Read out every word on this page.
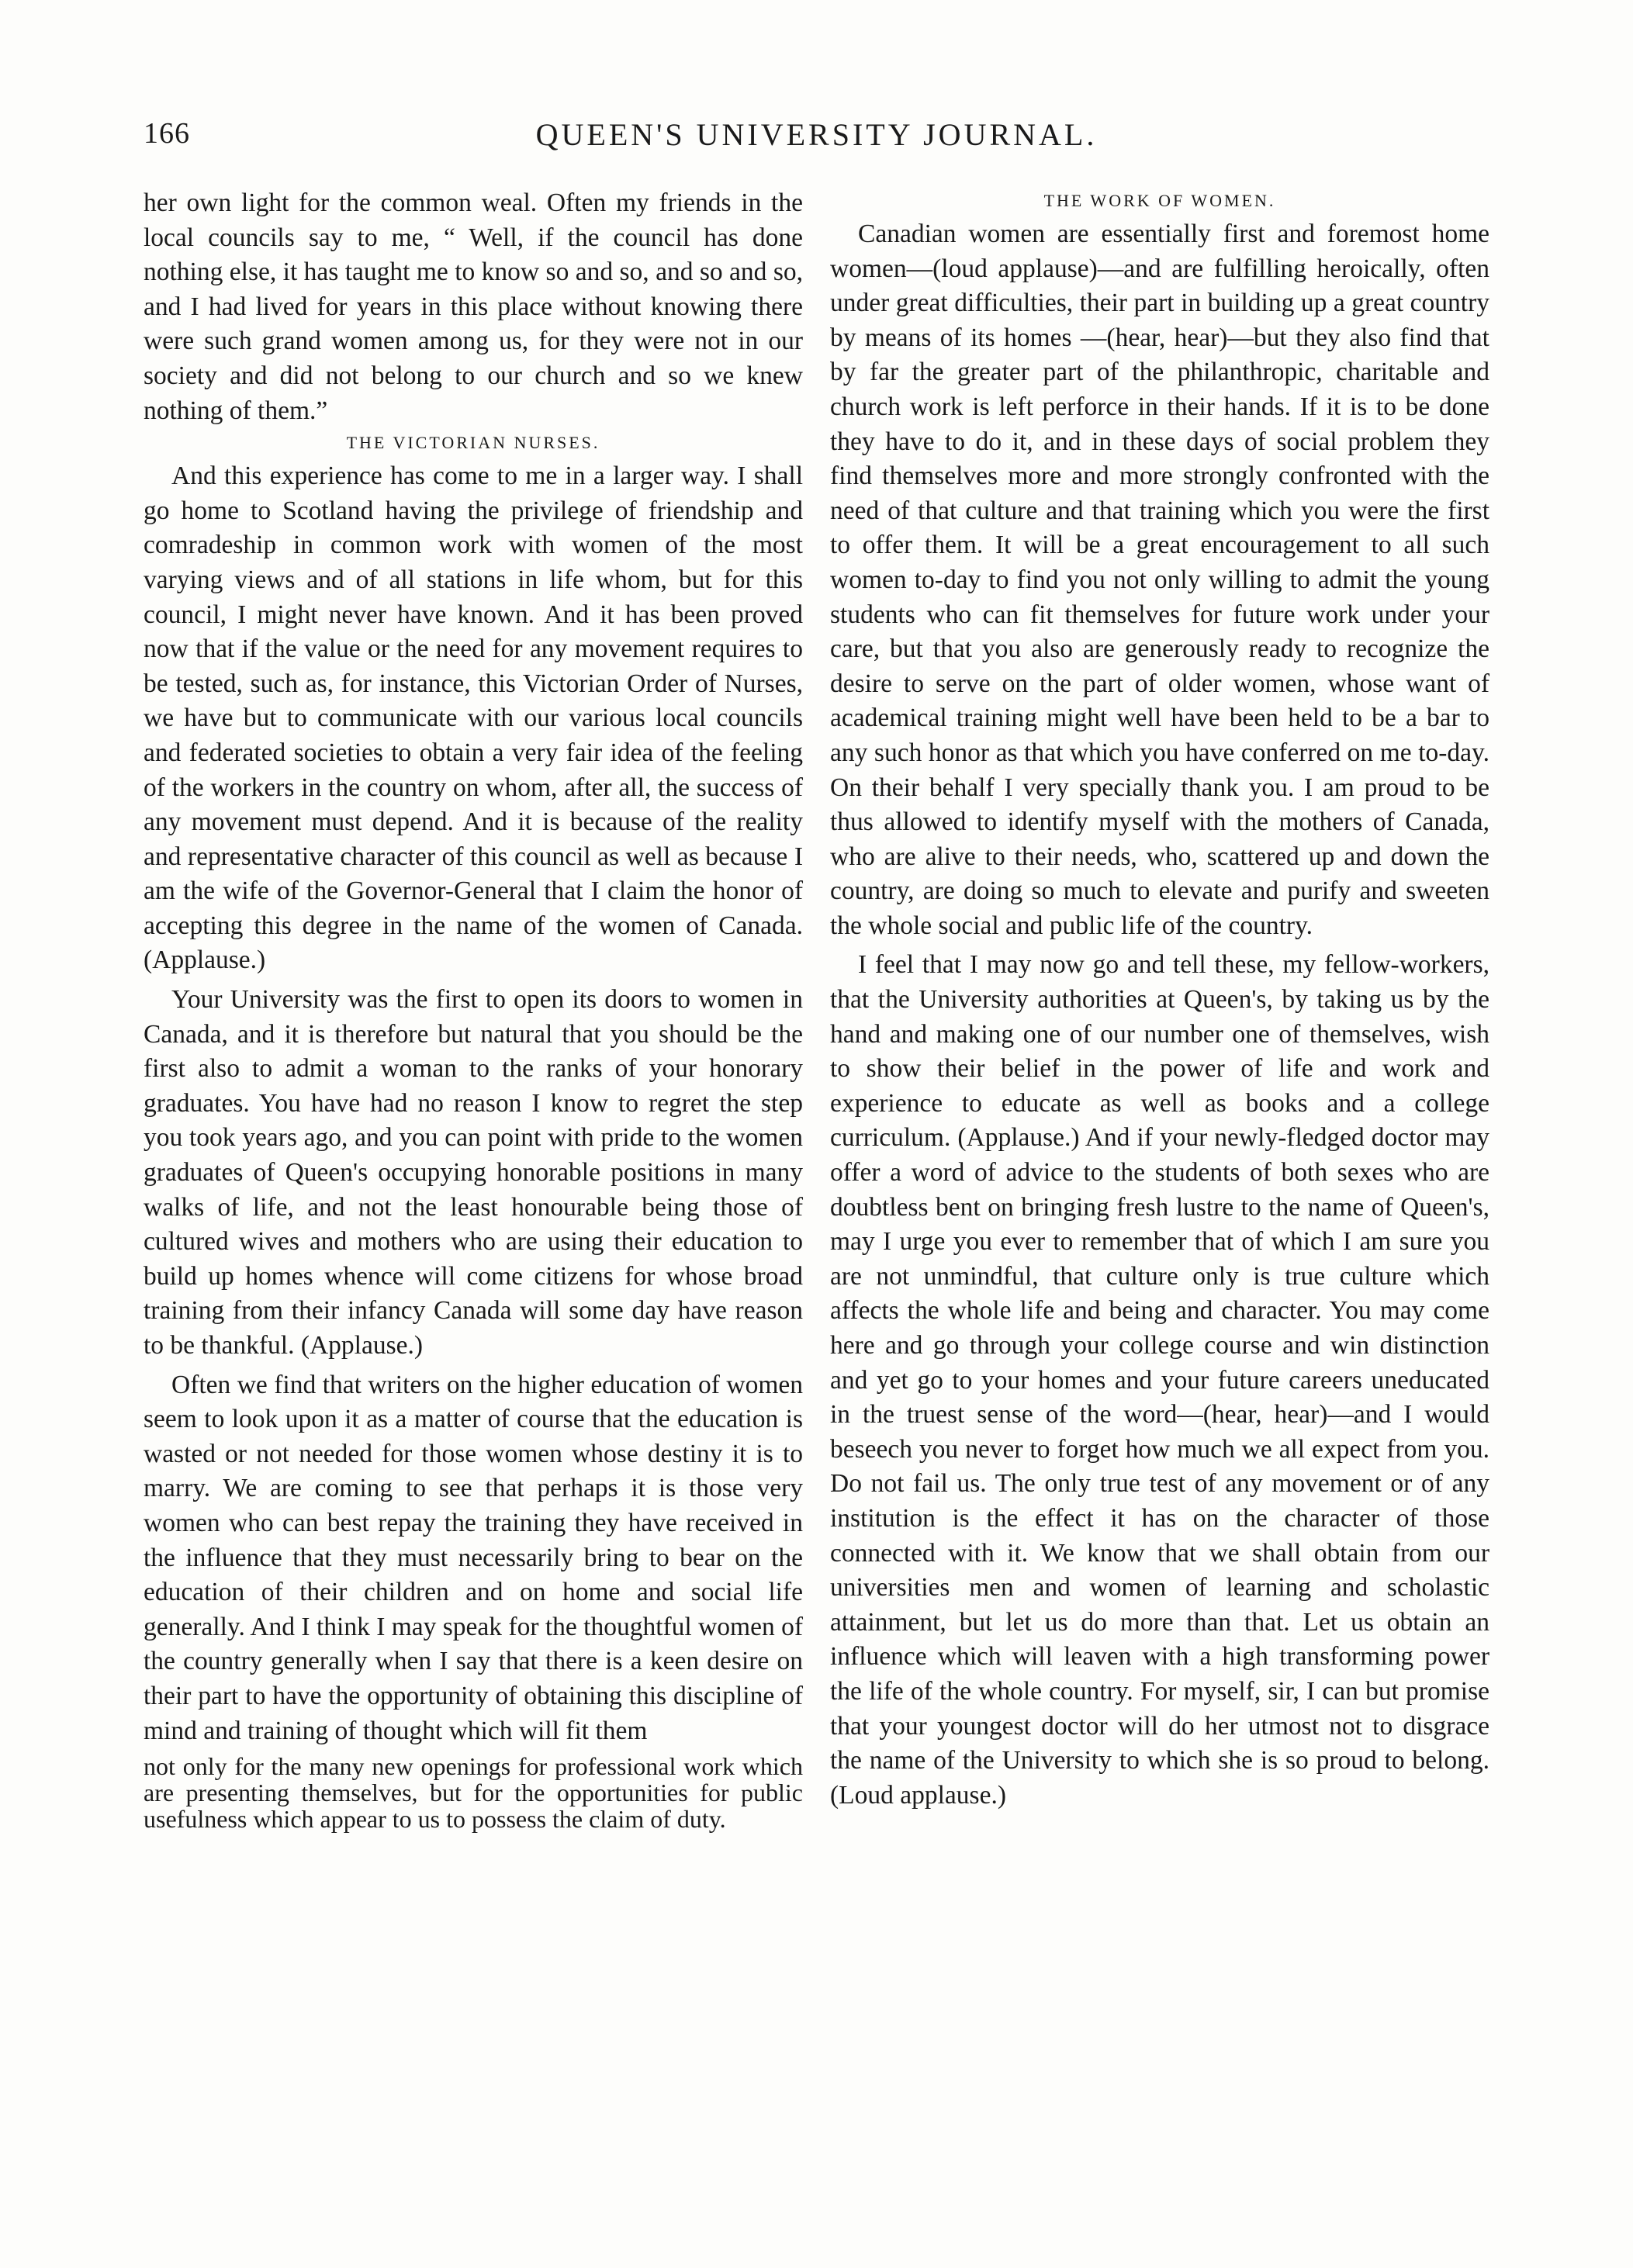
166	QUEEN'S UNIVERSITY JOURNAL.

her own light for the common weal. Often my friends in the local councils say to me, “ Well, if the council has done nothing else, it has taught me to know so and so, and so and so, and I had lived for years in this place without knowing there were such grand women among us, for they were not in our society and did not belong to our church and so we knew nothing of them.”

THE VICTORIAN NURSES.

And this experience has come to me in a larger way. I shall go home to Scotland having the privilege of friendship and comradeship in common work with women of the most varying views and of all stations in life whom, but for this council, I might never have known. And it has been proved now that if the value or the need for any movement requires to be tested, such as, for instance, this Victorian Order of Nurses, we have but to communicate with our various local councils and federated societies to obtain a very fair idea of the feeling of the workers in the country on whom, after all, the success of any movement must depend. And it is because of the reality and representative character of this council as well as because I am the wife of the Governor-General that I claim the honor of accepting this degree in the name of the women of Canada. (Applause.)

Your University was the first to open its doors to women in Canada, and it is therefore but natural that you should be the first also to admit a woman to the ranks of your honorary graduates. You have had no reason I know to regret the step you took years ago, and you can point with pride to the women graduates of Queen's occupying honorable positions in many walks of life, and not the least honourable being those of cultured wives and mothers who are using their education to build up homes whence will come citizens for whose broad training from their infancy Canada will some day have reason to be thankful. (Applause.)

Often we find that writers on the higher education of women seem to look upon it as a matter of course that the education is wasted or not needed for those women whose destiny it is to marry. We are coming to see that perhaps it is those very women who can best repay the training they have received in the influence that they must necessarily bring to bear on the education of their children and on home and social life generally. And I think I may speak for the thoughtful women of the country generally when I say that there is a keen desire on their part to have the opportunity of obtaining this discipline of mind and training of thought which will fit them

not only for the many new openings for professional work which are presenting themselves, but for the opportunities for public usefulness which appear to us to possess the claim of duty.

THE WORK OF WOMEN.

Canadian women are essentially first and foremost home women—(loud applause)—and are fulfilling heroically, often under great difficulties, their part in building up a great country by means of its homes —(hear, hear)—but they also find that by far the greater part of the philanthropic, charitable and church work is left perforce in their hands. If it is to be done they have to do it, and in these days of social problem they find themselves more and more strongly confronted with the need of that culture and that training which you were the first to offer them. It will be a great encouragement to all such women to-day to find you not only willing to admit the young students who can fit themselves for future work under your care, but that you also are generously ready to recognize the desire to serve on the part of older women, whose want of academical training might well have been held to be a bar to any such honor as that which you have conferred on me to-day. On their behalf I very specially thank you. I am proud to be thus allowed to identify myself with the mothers of Canada, who are alive to their needs, who, scattered up and down the country, are doing so much to elevate and purify and sweeten the whole social and public life of the country.

I feel that I may now go and tell these, my fellow-workers, that the University authorities at Queen's, by taking us by the hand and making one of our number one of themselves, wish to show their belief in the power of life and work and experience to educate as well as books and a college curriculum. (Applause.) And if your newly-fledged doctor may offer a word of advice to the students of both sexes who are doubtless bent on bringing fresh lustre to the name of Queen's, may I urge you ever to remember that of which I am sure you are not unmindful, that culture only is true culture which affects the whole life and being and character. You may come here and go through your college course and win distinction and yet go to your homes and your future careers uneducated in the truest sense of the word—(hear, hear)—and I would beseech you never to forget how much we all expect from you. Do not fail us. The only true test of any movement or of any institution is the effect it has on the character of those connected with it. We know that we shall obtain from our universities men and women of learning and scholastic attainment, but let us do more than that. Let us obtain an influence which will leaven with a high transforming power the life of the whole country. For myself, sir, I can but promise that your youngest doctor will do her utmost not to disgrace the name of the University to which she is so proud to belong. (Loud applause.)
